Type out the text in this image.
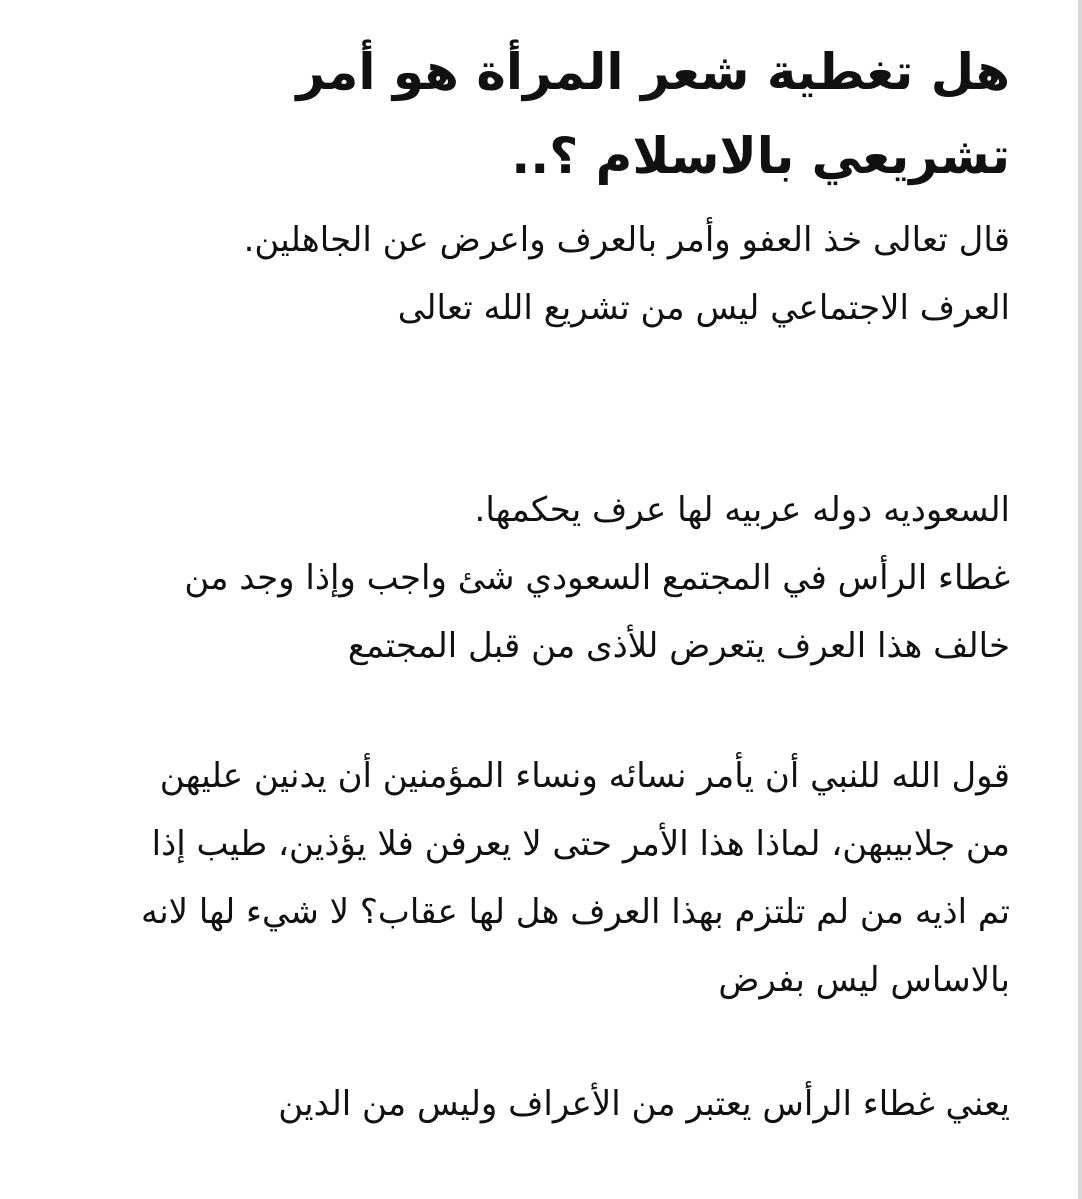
هل تغطية شعر المرأة هو أمر
تشريعي بالاسلام ؟..

قال تعالى خذ العفو وأمر بالعرف واعرض عن الجاهلين.
العرف الاجتماعي ليس من تشريع الله تعالى

السعوديه دوله عربيه لها عرف يحكمها.
غطاء الرأس في المجتمع السعودي شئ واجب وإذا وجد من
خالف هذا العرف يتعرض للأذى من قبل المجتمع

قول الله للنبي أن يأمر نسائه ونساء المؤمنين أن يدنين عليهن
من جلابيبهن، لماذا هذا الأمر حتى لا يعرفن فلا يؤذين، طيب إذا
تم اذيه من لم تلتزم بهذا العرف هل لها عقاب؟ لا شيء لها لانه
بالاساس ليس بفرض

يعني غطاء الرأس يعتبر من الأعراف وليس من الدين
